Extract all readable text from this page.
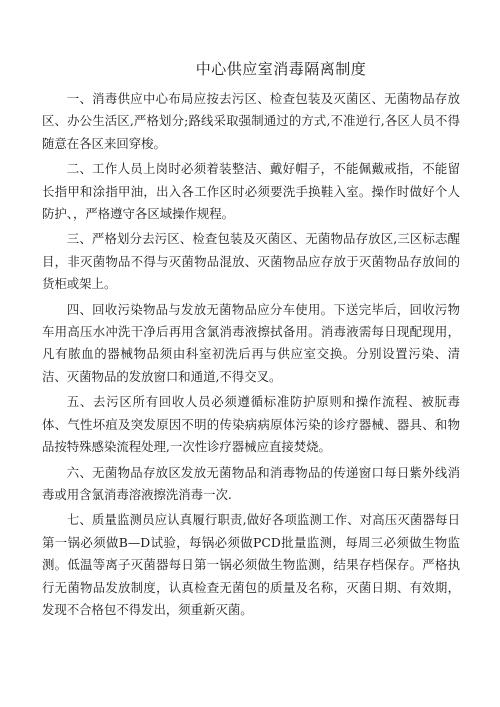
中心供应室消毒隔离制度

一、消毒供应中心布局应按去污区、检查包装及灭菌区、无菌物品存放区、办公生活区,严格划分;路线采取强制通过的方式,不准逆行,各区人员不得随意在各区来回穿梭。

二、工作人员上岗时必须着装整洁、戴好帽子，不能佩戴戒指，不能留长指甲和涂指甲油，出入各工作区时必须要洗手换鞋入室。操作时做好个人防护、，严格遵守各区域操作规程。

三、严格划分去污区、检查包装及灭菌区、无菌物品存放区,三区标志醒目，非灭菌物品不得与灭菌物品混放、灭菌物品应存放于灭菌物品存放间的货柜或架上。

四、回收污染物品与发放无菌物品应分车使用。下送完毕后，回收污物车用高压水冲洗干净后再用含氯消毒液擦拭备用。消毒液需每日现配现用，凡有脓血的器械物品须由科室初洗后再与供应室交换。分别设置污染、清洁、灭菌物品的发放窗口和通道,不得交叉。

五、去污区所有回收人员必须遵循标准防护原则和操作流程、被朊毒体、气性坏疽及突发原因不明的传染病病原体污染的诊疗器械、器具、和物品按特殊感染流程处理,一次性诊疗器械应直接焚烧。

六、无菌物品存放区发放无菌物品和消毒物品的传递窗口每日紫外线消毒或用含氯消毒溶液擦洗消毒一次.

七、质量监测员应认真履行职责,做好各项监测工作、对高压灭菌器每日第一锅必须做B—D试验，每锅必须做PCD批量监测，每周三必须做生物监测。低温等离子灭菌器每日第一锅必须做生物监测，结果存档保存。严格执行无菌物品发放制度，认真检查无菌包的质量及名称，灭菌日期、有效期，发现不合格包不得发出，须重新灭菌。
